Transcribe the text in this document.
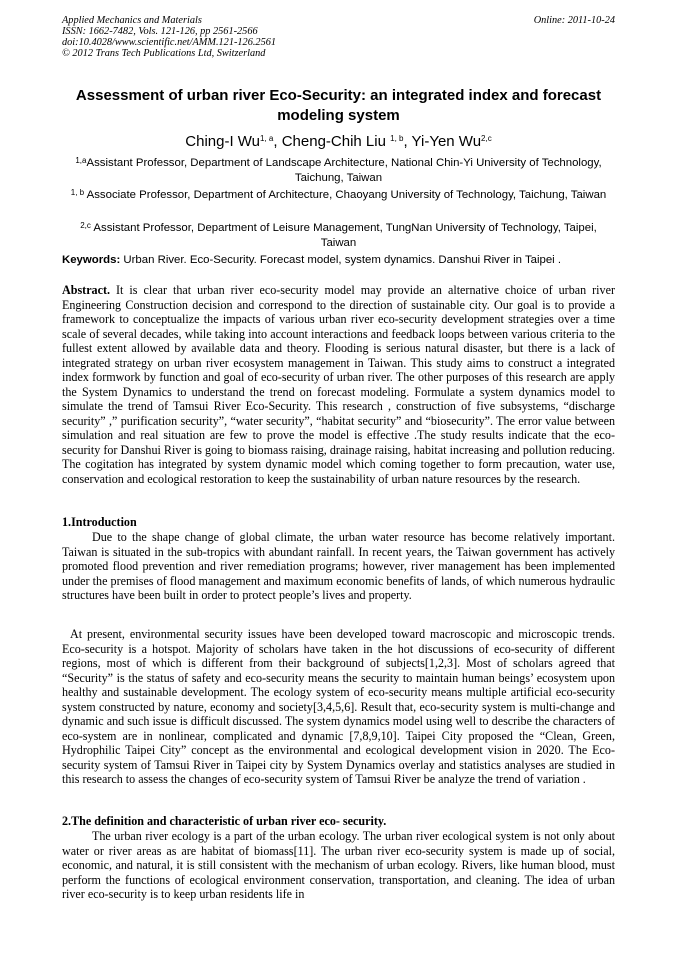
Applied Mechanics and Materials
ISSN: 1662-7482, Vols. 121-126, pp 2561-2566
doi:10.4028/www.scientific.net/AMM.121-126.2561
© 2012 Trans Tech Publications Ltd, Switzerland
Online: 2011-10-24
Assessment of urban river Eco-Security: an integrated index and forecast modeling system
Ching-I Wu$^{1, a}$, Cheng-Chih Liu $^{1, b}$, Yi-Yen Wu$^{2,c}$
$^{1,a}$Assistant Professor, Department of Landscape Architecture, National Chin-Yi University of Technology, Taichung, Taiwan
$^{1, b}$ Associate Professor, Department of Architecture, Chaoyang University of Technology, Taichung, Taiwan
$^{2,c}$ Assistant Professor, Department of Leisure Management, TungNan University of Technology, Taipei, Taiwan
Keywords: Urban River. Eco-Security. Forecast model, system dynamics. Danshui River in Taipei .
Abstract. It is clear that urban river eco-security model may provide an alternative choice of urban river Engineering Construction decision and correspond to the direction of sustainable city. Our goal is to provide a framework to conceptualize the impacts of various urban river eco-security development strategies over a time scale of several decades, while taking into account interactions and feedback loops between various criteria to the fullest extent allowed by available data and theory. Flooding is serious natural disaster, but there is a lack of integrated strategy on urban river ecosystem management in Taiwan. This study aims to construct a integrated index formwork by function and goal of eco-security of urban river. The other purposes of this research are apply the System Dynamics to understand the trend on forecast modeling. Formulate a system dynamics model to simulate the trend of Tamsui River Eco-Security. This research , construction of five subsystems, “discharge security” ,” purification security”, “water security”, “habitat security” and “biosecurity”. The error value between simulation and real situation are few to prove the model is effective .The study results indicate that the eco-security for Danshui River is going to biomass raising, drainage raising, habitat increasing and pollution reducing. The cogitation has integrated by system dynamic model which coming together to form precaution, water use, conservation and ecological restoration to keep the sustainability of urban nature resources by the research.
1.Introduction
Due to the shape change of global climate, the urban water resource has become relatively important. Taiwan is situated in the sub-tropics with abundant rainfall. In recent years, the Taiwan government has actively promoted flood prevention and river remediation programs; however, river management has been implemented under the premises of flood management and maximum economic benefits of lands, of which numerous hydraulic structures have been built in order to protect people’s lives and property.
At present, environmental security issues have been developed toward macroscopic and microscopic trends. Eco-security is a hotspot. Majority of scholars have taken in the hot discussions of eco-security of different regions, most of which is different from their background of subjects[1,2,3]. Most of scholars agreed that “Security” is the status of safety and eco-security means the security to maintain human beings’ ecosystem upon healthy and sustainable development. The ecology system of eco-security means multiple artificial eco-security system constructed by nature, economy and society[3,4,5,6]. Result that, eco-security system is multi-change and dynamic and such issue is difficult discussed. The system dynamics model using well to describe the characters of eco-system are in nonlinear, complicated and dynamic [7,8,9,10]. Taipei City proposed the “Clean, Green, Hydrophilic Taipei City” concept as the environmental and ecological development vision in 2020. The Eco-security system of Tamsui River in Taipei city by System Dynamics overlay and statistics analyses are studied in this research to assess the changes of eco-security system of Tamsui River be analyze the trend of variation .
2.The definition and characteristic of urban river eco- security.
The urban river ecology is a part of the urban ecology. The urban river ecological system is not only about water or river areas as are habitat of biomass[11]. The urban river eco-security system is made up of social, economic, and natural, it is still consistent with the mechanism of urban ecology. Rivers, like human blood, must perform the functions of ecological environment conservation, transportation, and cleaning. The idea of urban river eco-security is to keep urban residents life in
